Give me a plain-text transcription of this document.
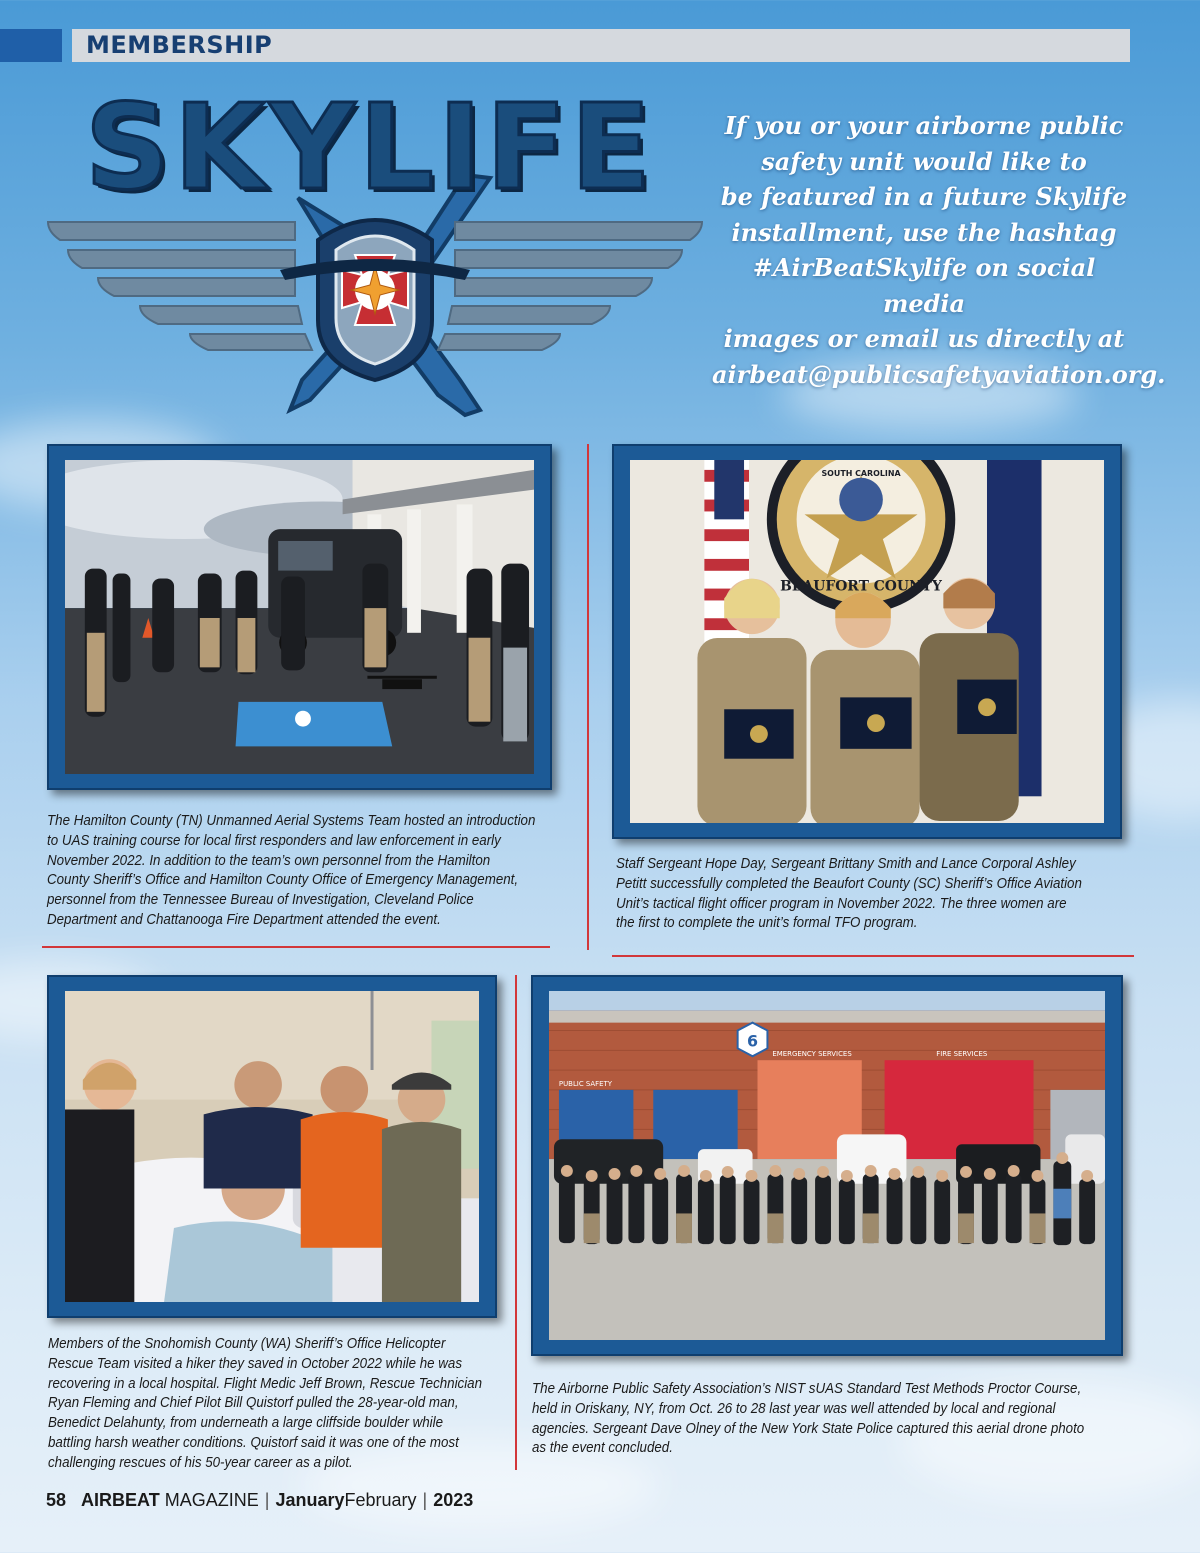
MEMBERSHIP
SKYLIFE	If you or your airborne public
safety unit would like to
be featured in a future Skylife
installment, use the hashtag
#AirBeatSkylife on social media
images or email us directly at
airbeat@publicsafetyaviation.org.
The Hamilton County (TN) Unmanned Aerial Systems Team hosted an introduction
to UAS training course for local first responders and law enforcement in early
November 2022. In addition to the team’s own personnel from the Hamilton
County Sheriff’s Office and Hamilton County Office of Emergency Management,
personnel from the Tennessee Bureau of Investigation, Cleveland Police
Department and Chattanooga Fire Department attended the event.
SOUTH CAROLINA
BEAUFORT COUNTY
Staff Sergeant Hope Day, Sergeant Brittany Smith and Lance Corporal Ashley
Petitt successfully completed the Beaufort County (SC) Sheriff’s Office Aviation
Unit’s tactical flight officer program in November 2022. The three women are
the first to complete the unit’s formal TFO program.
Members of the Snohomish County (WA) Sheriff’s Office Helicopter
Rescue Team visited a hiker they saved in October 2022 while he was
recovering in a local hospital. Flight Medic Jeff Brown, Rescue Technician
Ryan Fleming and Chief Pilot Bill Quistorf pulled the 28-year-old man,
Benedict Delahunty, from underneath a large cliffside boulder while
battling harsh weather conditions. Quistorf said it was one of the most
challenging rescues of his 50-year career as a pilot.
6
EMERGENCY SERVICES	FIRE SERVICES
PUBLIC SAFETY
The Airborne Public Safety Association’s NIST sUAS Standard Test Methods Proctor Course,
held in Oriskany, NY, from Oct. 26 to 28 last year was well attended by local and regional
agencies. Sergeant Dave Olney of the New York State Police captured this aerial drone photo
as the event concluded.
58 AIRBEAT MAGAZINE | JanuaryFebruary | 2023
